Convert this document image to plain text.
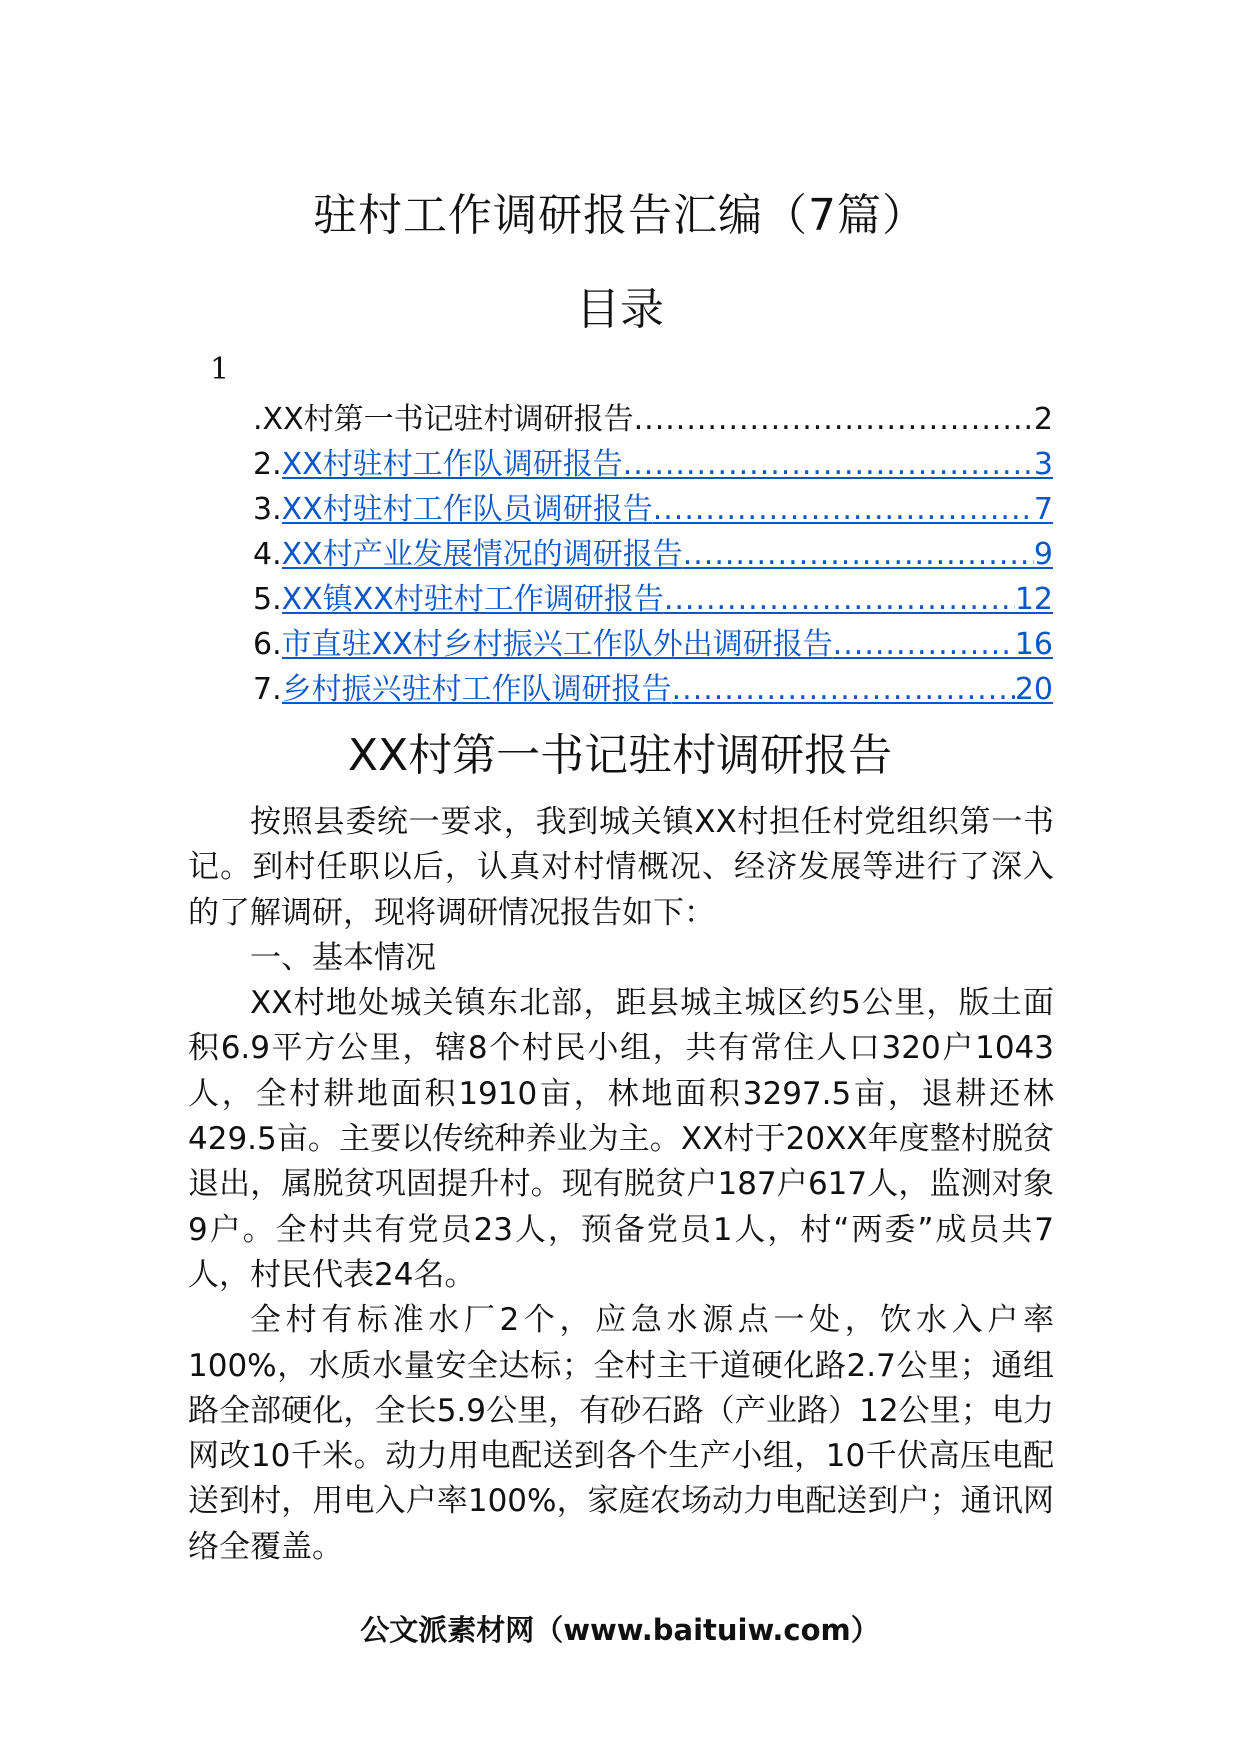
驻村工作调研报告汇编（7篇）
目录
1
.XX村第一书记驻村调研报告 .....	2
2. XX村驻村工作队调研报告 .....	3
3. XX村驻村工作队员调研报告 .....	7
4. XX村产业发展情况的调研报告 .....	9
5. XX镇XX村驻村工作调研报告 .....	12
6. 市直驻XX村乡村振兴工作队外出调研报告 .....	16
7. 乡村振兴驻村工作队调研报告 .....	20
XX村第一书记驻村调研报告

按照县委统一要求，我到城关镇XX村担任村党组织第一书记。到村任职以后，认真对村情概况、经济发展等进行了深入的了解调研，现将调研情况报告如下：

一、基本情况

XX村地处城关镇东北部，距县城主城区约5公里，版土面积6.9平方公里，辖8个村民小组，共有常住人口320户1043人，全村耕地面积1910亩，林地面积3297.5亩，退耕还林429.5亩。主要以传统种养业为主。XX村于20XX年度整村脱贫退出，属脱贫巩固提升村。现有脱贫户187户617人，监测对象9户。全村共有党员23人，预备党员1人，村“两委”成员共7人，村民代表24名。

全村有标准水厂2个，应急水源点一处，饮水入户率100%，水质水量安全达标；全村主干道硬化路2.7公里；通组路全部硬化，全长5.9公里，有砂石路（产业路）12公里；电力网改10千米。动力用电配送到各个生产小组，10千伏高压电配送到村，用电入户率100%，家庭农场动力电配送到户；通讯网络全覆盖。

公文派素材网（www.baituiw.com）
